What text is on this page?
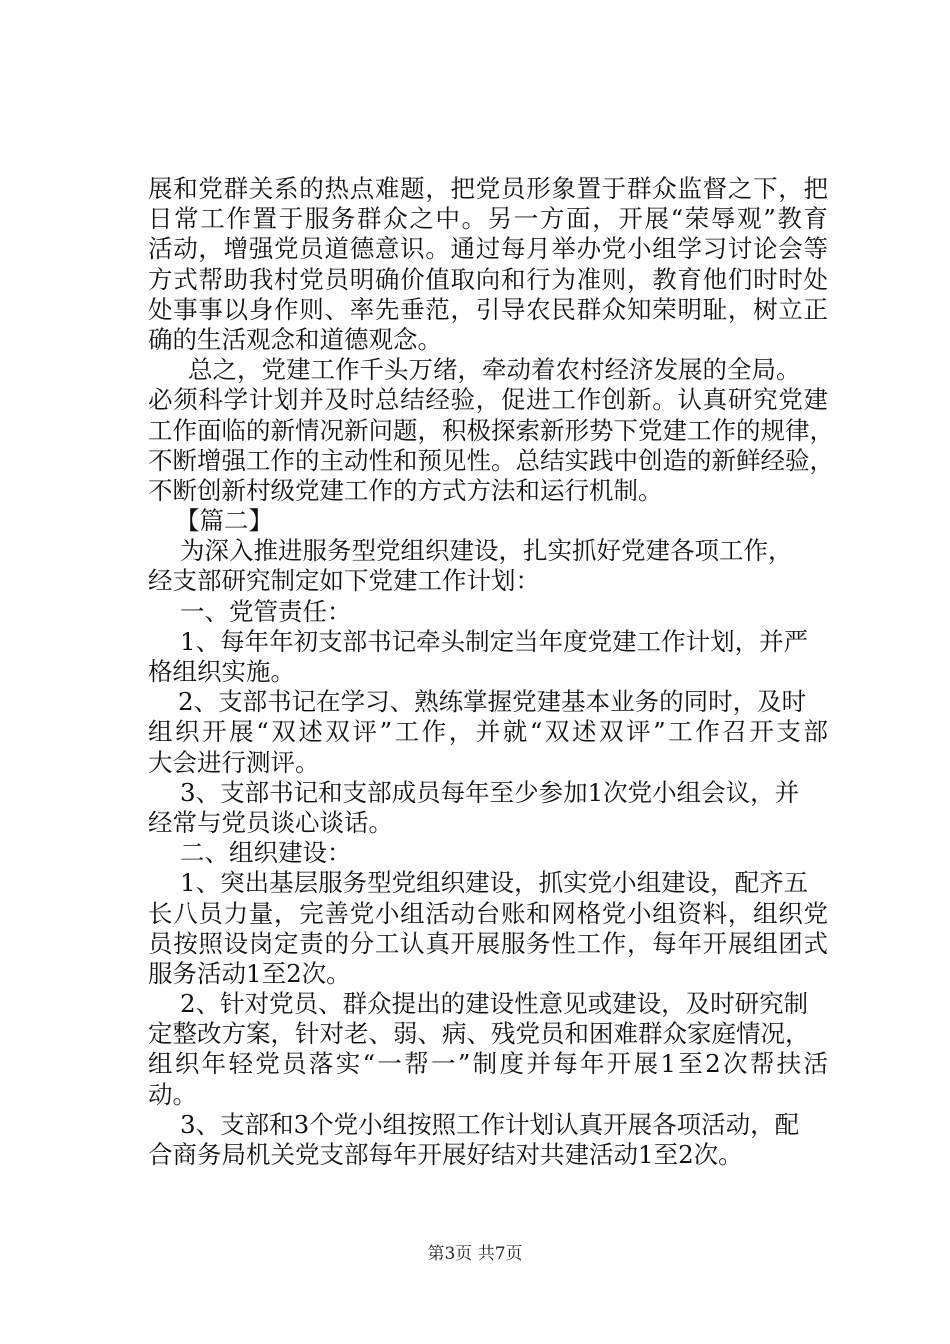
展和党群关系的热点难题，把党员形象置于群众监督之下，把
日常工作置于服务群众之中。另一方面，开展“荣辱观”教育
活动，增强党员道德意识。通过每月举办党小组学习讨论会等
方式帮助我村党员明确价值取向和行为准则，教育他们时时处
处事事以身作则、率先垂范，引导农民群众知荣明耻，树立正
确的生活观念和道德观念。
总之，党建工作千头万绪，牵动着农村经济发展的全局。
必须科学计划并及时总结经验，促进工作创新。认真研究党建
工作面临的新情况新问题，积极探索新形势下党建工作的规律，
不断增强工作的主动性和预见性。总结实践中创造的新鲜经验，
不断创新村级党建工作的方式方法和运行机制。
【篇二】
为深入推进服务型党组织建设，扎实抓好党建各项工作，
经支部研究制定如下党建工作计划：
一、党管责任：
1、每年年初支部书记牵头制定当年度党建工作计划，并严
格组织实施。
2、支部书记在学习、熟练掌握党建基本业务的同时，及时
组织开展“双述双评”工作，并就“双述双评”工作召开支部
大会进行测评。
3、支部书记和支部成员每年至少参加1次党小组会议，并
经常与党员谈心谈话。
二、组织建设：
1、突出基层服务型党组织建设，抓实党小组建设，配齐五
长八员力量，完善党小组活动台账和网格党小组资料，组织党
员按照设岗定责的分工认真开展服务性工作，每年开展组团式
服务活动1至2次。
2、针对党员、群众提出的建设性意见或建设，及时研究制
定整改方案，针对老、弱、病、残党员和困难群众家庭情况，
组织年轻党员落实“一帮一”制度并每年开展1至2次帮扶活
动。
3、支部和3个党小组按照工作计划认真开展各项活动，配
合商务局机关党支部每年开展好结对共建活动1至2次。
第3页 共7页
